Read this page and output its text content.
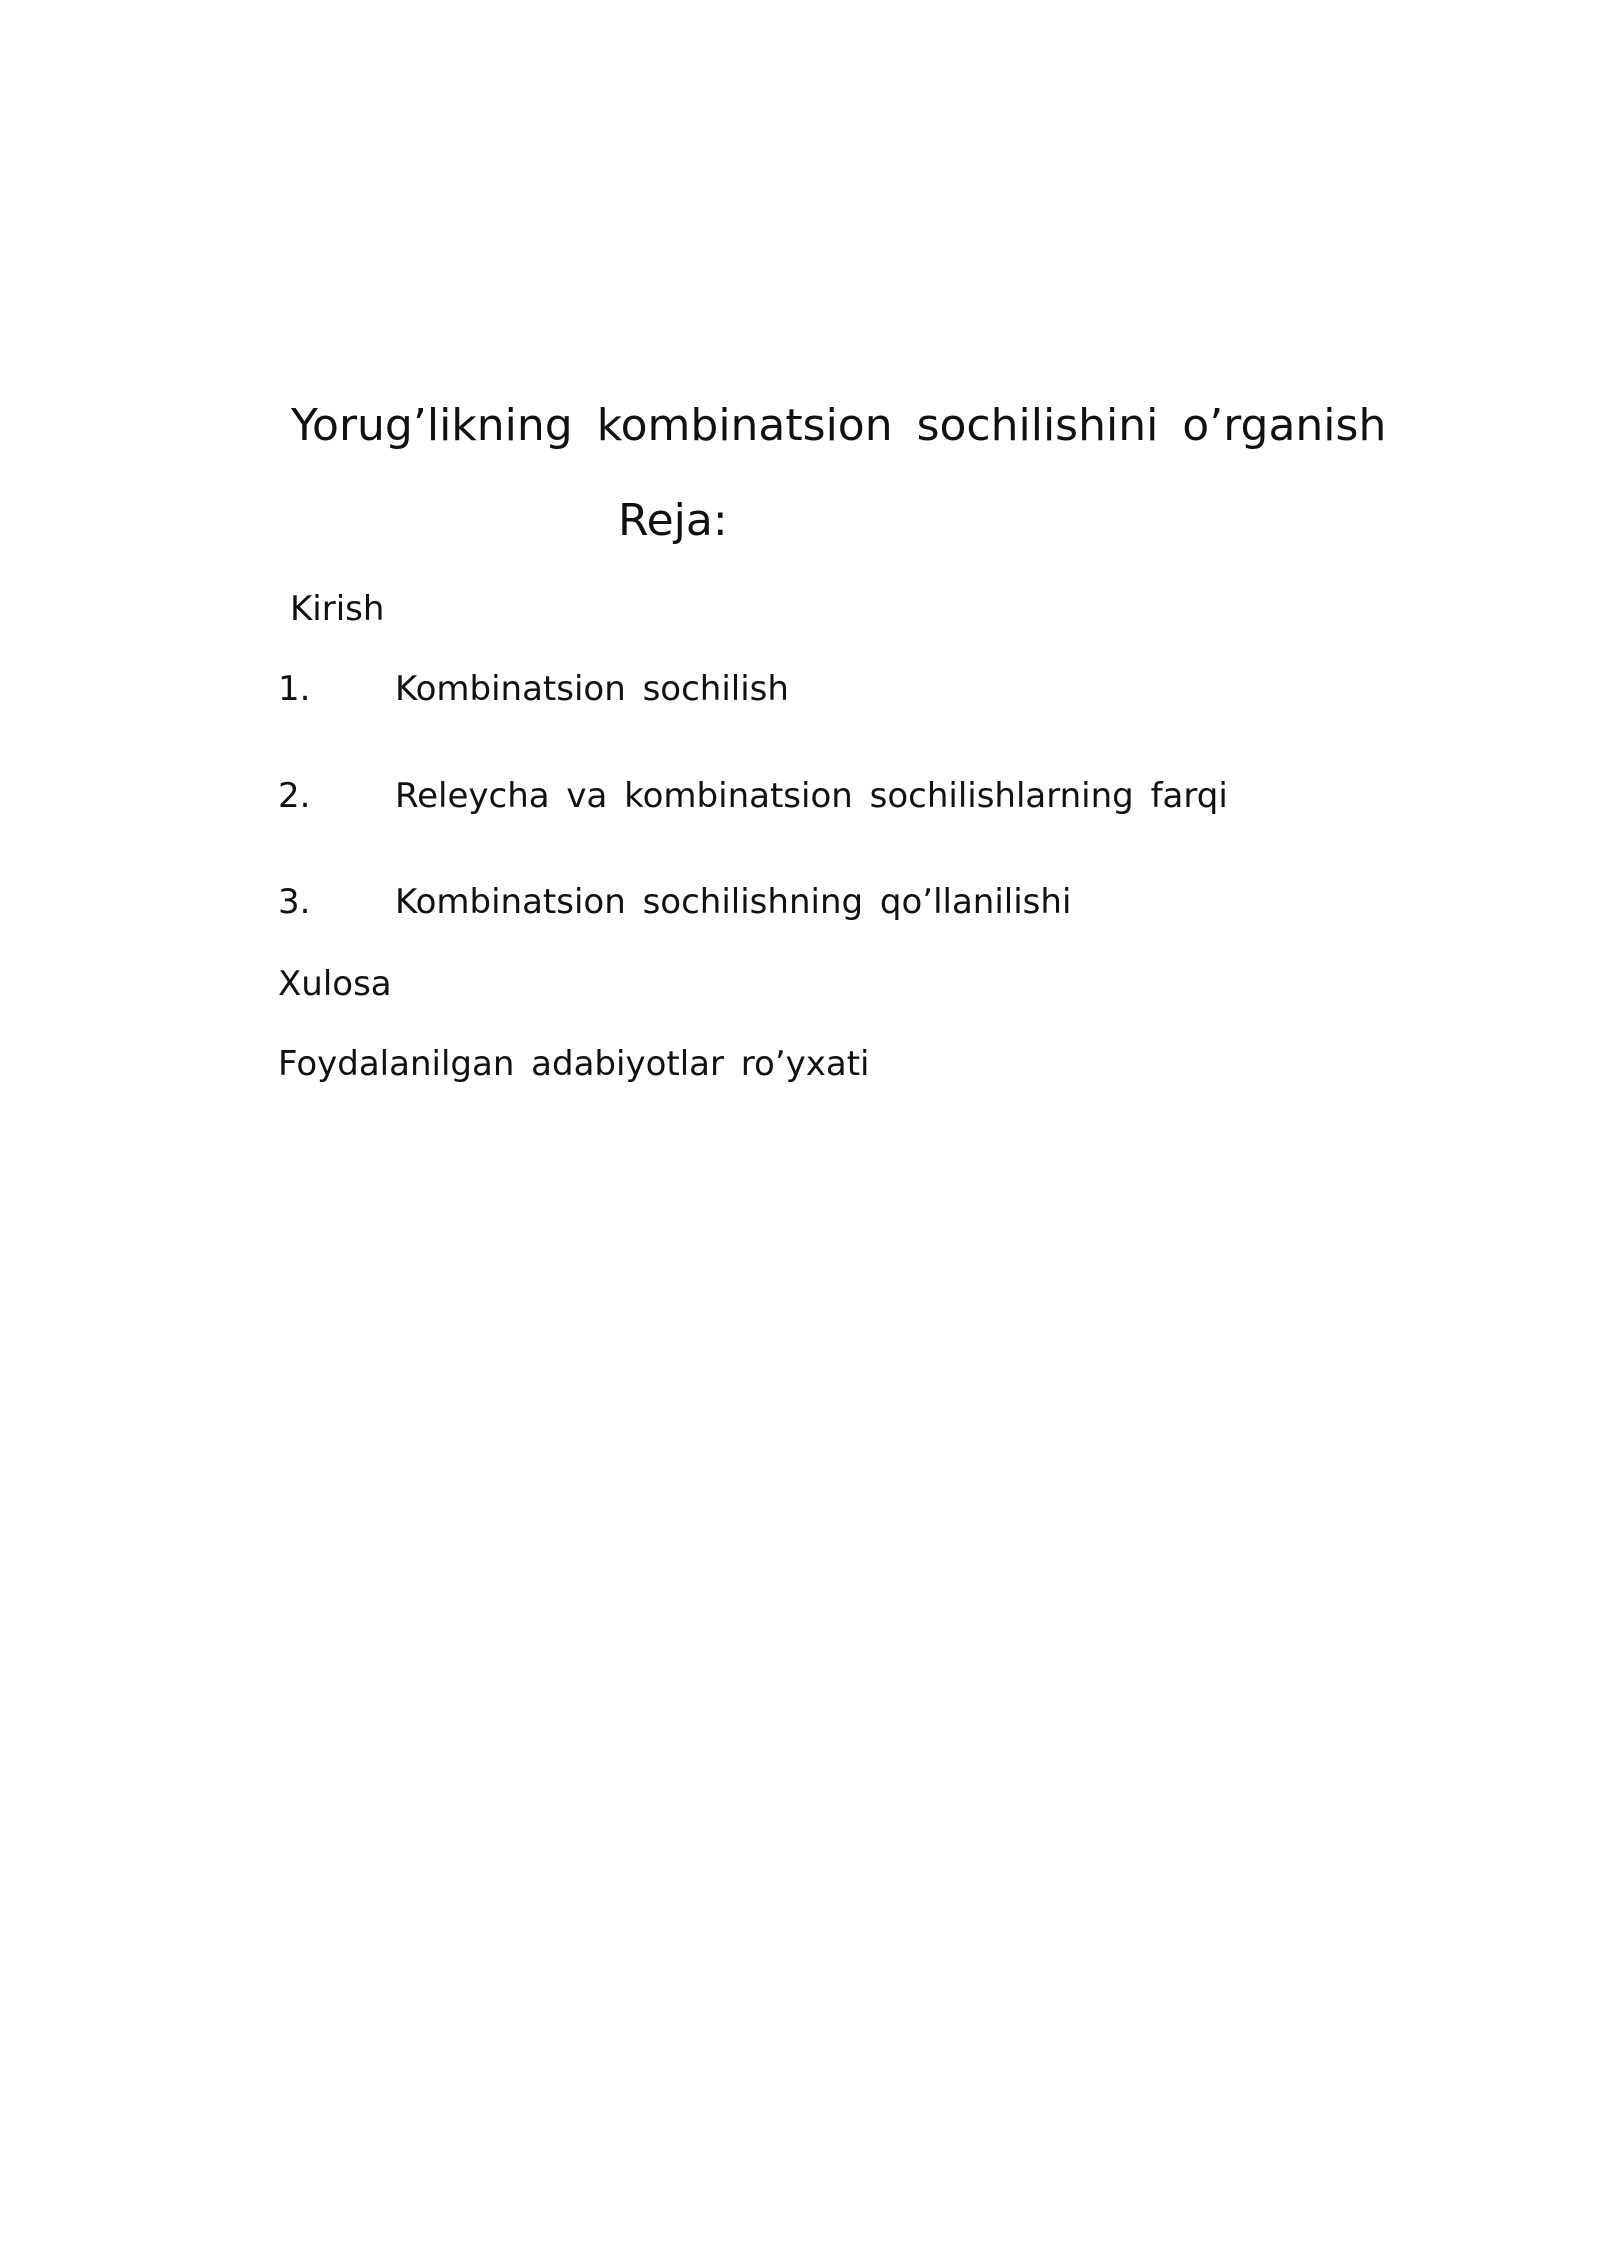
Yorug’likning kombinatsion sochilishini o’rganish
Reja:
Kirish
1. Kombinatsion sochilish
2. Releycha va kombinatsion sochilishlarning farqi
3. Kombinatsion sochilishning qo’llanilishi
Xulosa
Foydalanilgan adabiyotlar ro’yxati
